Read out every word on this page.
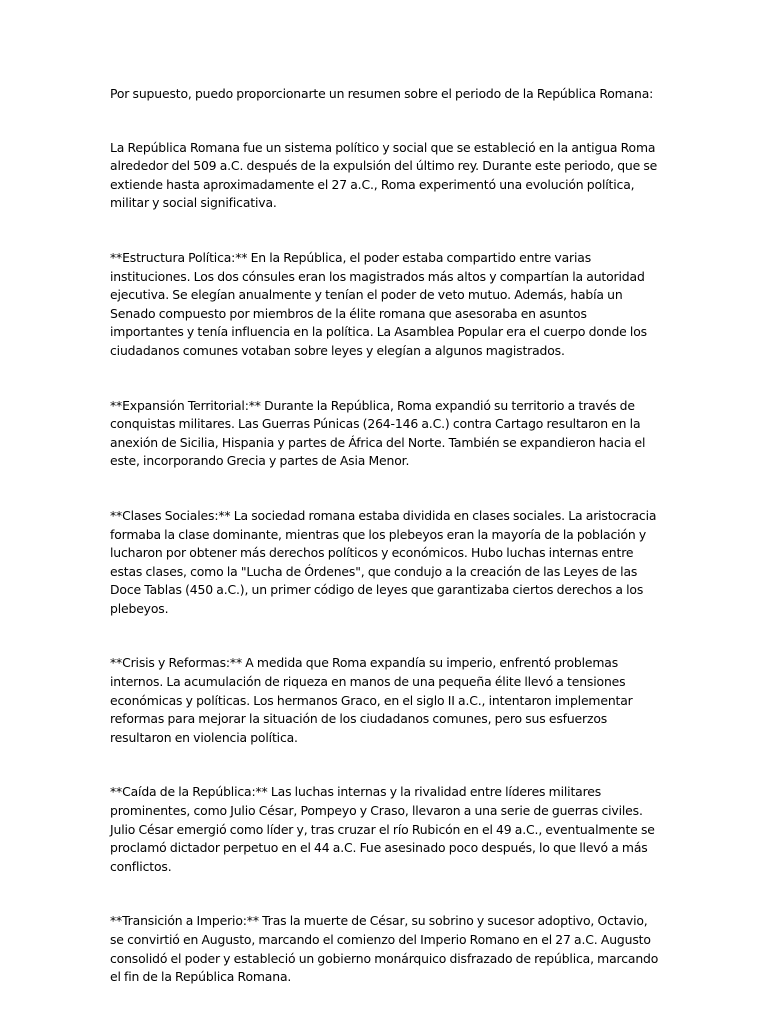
Por supuesto, puedo proporcionarte un resumen sobre el periodo de la República Romana:

La República Romana fue un sistema político y social que se estableció en la antigua Roma alrededor del 509 a.C. después de la expulsión del último rey. Durante este periodo, que se extiende hasta aproximadamente el 27 a.C., Roma experimentó una evolución política, militar y social significativa.

**Estructura Política:** En la República, el poder estaba compartido entre varias instituciones. Los dos cónsules eran los magistrados más altos y compartían la autoridad ejecutiva. Se elegían anualmente y tenían el poder de veto mutuo. Además, había un Senado compuesto por miembros de la élite romana que asesoraba en asuntos importantes y tenía influencia en la política. La Asamblea Popular era el cuerpo donde los ciudadanos comunes votaban sobre leyes y elegían a algunos magistrados.

**Expansión Territorial:** Durante la República, Roma expandió su territorio a través de conquistas militares. Las Guerras Púnicas (264-146 a.C.) contra Cartago resultaron en la anexión de Sicilia, Hispania y partes de África del Norte. También se expandieron hacia el este, incorporando Grecia y partes de Asia Menor.

**Clases Sociales:** La sociedad romana estaba dividida en clases sociales. La aristocracia formaba la clase dominante, mientras que los plebeyos eran la mayoría de la población y lucharon por obtener más derechos políticos y económicos. Hubo luchas internas entre estas clases, como la "Lucha de Órdenes", que condujo a la creación de las Leyes de las Doce Tablas (450 a.C.), un primer código de leyes que garantizaba ciertos derechos a los plebeyos.

**Crisis y Reformas:** A medida que Roma expandía su imperio, enfrentó problemas internos. La acumulación de riqueza en manos de una pequeña élite llevó a tensiones económicas y políticas. Los hermanos Graco, en el siglo II a.C., intentaron implementar reformas para mejorar la situación de los ciudadanos comunes, pero sus esfuerzos resultaron en violencia política.

**Caída de la República:** Las luchas internas y la rivalidad entre líderes militares prominentes, como Julio César, Pompeyo y Craso, llevaron a una serie de guerras civiles. Julio César emergió como líder y, tras cruzar el río Rubicón en el 49 a.C., eventualmente se proclamó dictador perpetuo en el 44 a.C. Fue asesinado poco después, lo que llevó a más conflictos.

**Transición a Imperio:** Tras la muerte de César, su sobrino y sucesor adoptivo, Octavio, se convirtió en Augusto, marcando el comienzo del Imperio Romano en el 27 a.C. Augusto consolidó el poder y estableció un gobierno monárquico disfrazado de república, marcando el fin de la República Romana.
